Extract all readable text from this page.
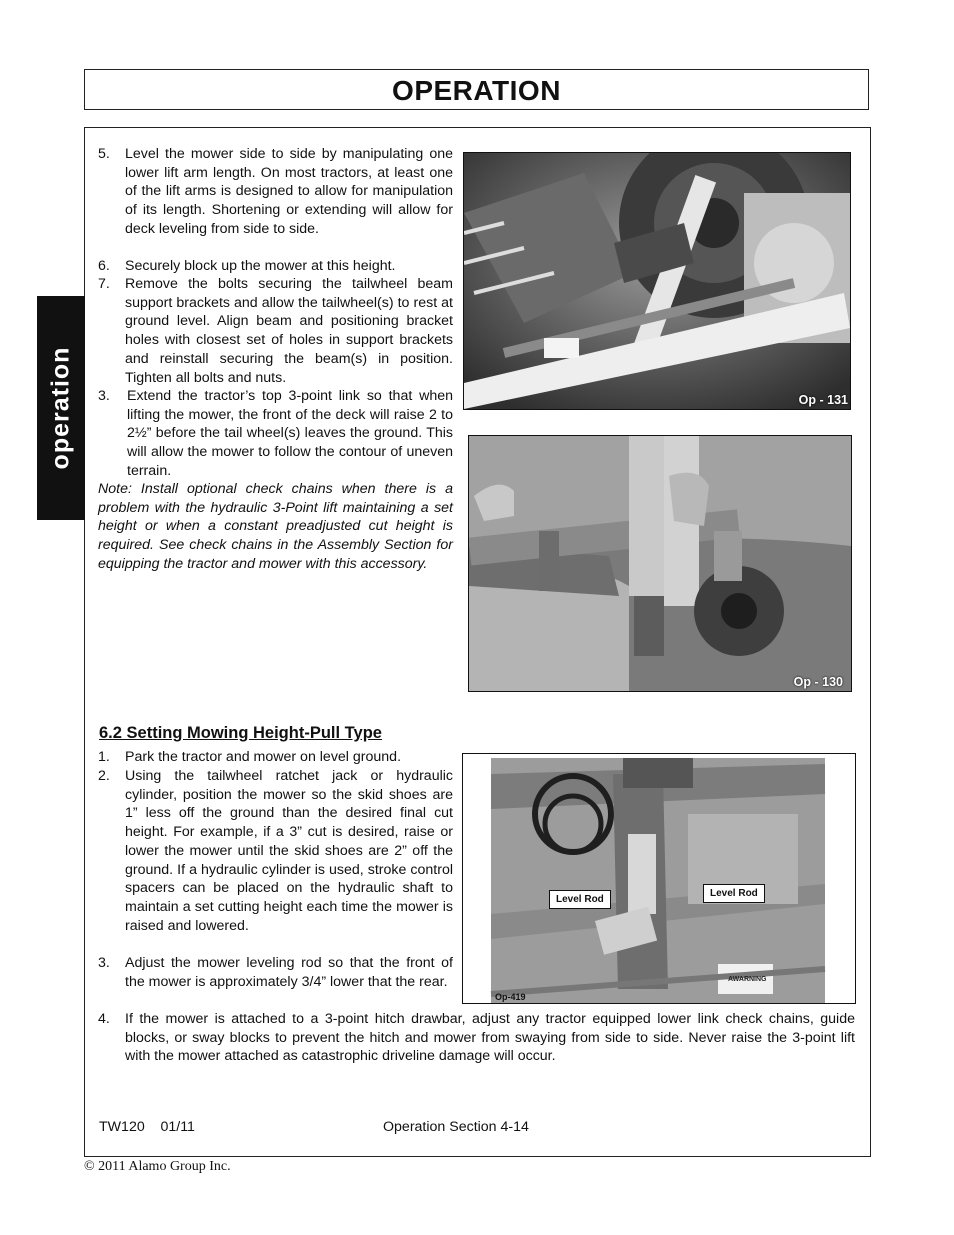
OPERATION
operation
5. Level the mower side to side by manipulating one lower lift arm length. On most tractors, at least one of the lift arms is designed to allow for manipulation of its length. Shortening or extending will allow for deck leveling from side to side.
6. Securely block up the mower at this height.
7. Remove the bolts securing the tailwheel beam support brackets and allow the tailwheel(s) to rest at ground level. Align beam and positioning bracket holes with closest set of holes in support brackets and reinstall securing the beam(s) in position. Tighten all bolts and nuts.
3. Extend the tractor’s top 3-point link so that when lifting the mower, the front of the deck will raise 2 to 2½” before the tail wheel(s) leaves the ground. This will allow the mower to follow the contour of uneven terrain.
Note: Install optional check chains when there is a problem with the hydraulic 3-Point lift maintaining a set height or when a constant preadjusted cut height is required. See check chains in the Assembly Section for equipping the tractor and mower with this accessory.
Op - 131
Op - 130
6.2 Setting Mowing Height-Pull Type
1. Park the tractor and mower on level ground.
2. Using the tailwheel ratchet jack or hydraulic cylinder, position the mower so the skid shoes are 1” less off the ground than the desired final cut height. For example, if a 3” cut is desired, raise or lower the mower until the skid shoes are 2” off the ground. If a hydraulic cylinder is used, stroke control spacers can be placed on the hydraulic shaft to maintain a set cutting height each time the mower is raised and lowered.
3. Adjust the mower leveling rod so that the front of the mower is approximately 3/4” lower that the rear.
4. If the mower is attached to a 3-point hitch drawbar, adjust any tractor equipped lower link check chains, guide blocks, or sway blocks to prevent the hitch and mower from swaying from side to side. Never raise the 3-point lift with the mower attached as catastrophic driveline damage will occur.
Level Rod
Level Rod
AWARNING
Op-419
TW120    01/11	Operation Section 4-14
© 2011 Alamo Group Inc.
